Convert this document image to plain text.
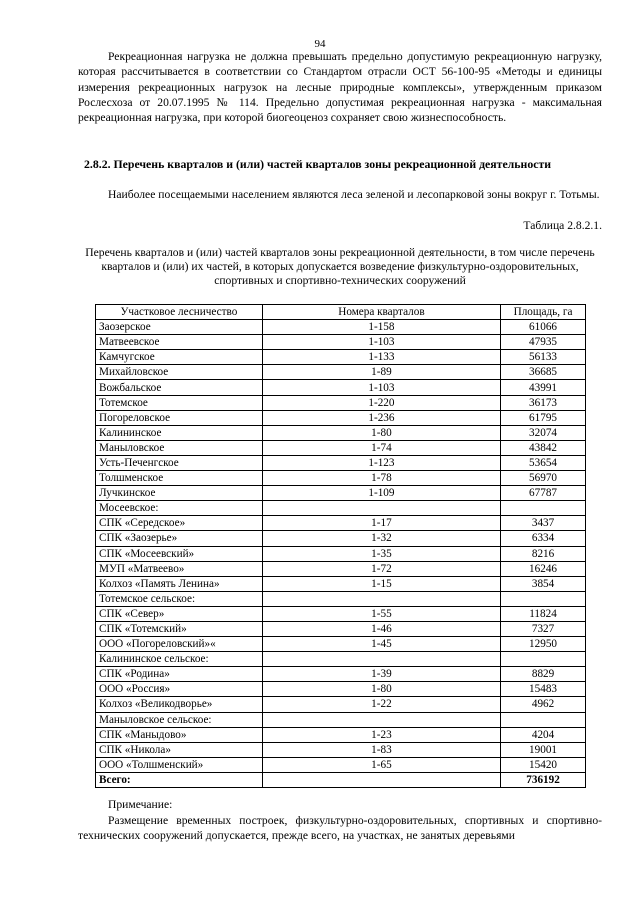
94

Рекреационная нагрузка не должна превышать предельно допустимую рекреационную нагрузку, которая рассчитывается в соответствии со Стандартом отрасли ОСТ 56-100-95 «Методы и единицы измерения рекреационных нагрузок на лесные природные комплексы», утвержденным приказом Рослесхоза от 20.07.1995 № 114. Предельно допустимая рекреационная нагрузка - максимальная рекреационная нагрузка, при которой биогеоценоз сохраняет свою жизнеспособность.

2.8.2. Перечень кварталов и (или) частей кварталов зоны рекреационной деятельности

Наиболее посещаемыми населением являются леса зеленой и лесопарковой зоны вокруг г. Тотьмы.

Таблица 2.8.2.1.

Перечень кварталов и (или) частей кварталов зоны рекреационной деятельности, в том числе перечень кварталов и (или) их частей, в которых допускается возведение физкультурно-оздоровительных, спортивных и спортивно-технических сооружений

Участковое лесничество	Номера кварталов	Площадь, га
Заозерское	1-158	61066
Матвеевское	1-103	47935
Камчугское	1-133	56133
Михайловское	1-89	36685
Вожбальское	1-103	43991
Тотемское	1-220	36173
Погореловское	1-236	61795
Калининское	1-80	32074
Маныловское	1-74	43842
Усть-Печенгское	1-123	53654
Толшменское	1-78	56970
Лучкинское	1-109	67787
Мосеевское:		
СПК «Середское»	1-17	3437
СПК «Заозерье»	1-32	6334
СПК «Мосеевский»	1-35	8216
МУП «Матвеево»	1-72	16246
Колхоз «Память Ленина»	1-15	3854
Тотемское сельское:		
СПК «Север»	1-55	11824
СПК «Тотемский»	1-46	7327
ООО «Погореловский»«	1-45	12950
Калининское сельское:		
СПК «Родина»	1-39	8829
ООО «Россия»	1-80	15483
Колхоз «Великодворье»	1-22	4962
Маныловское сельское:		
СПК «Маныдово»	1-23	4204
СПК «Никола»	1-83	19001
ООО «Толшменский»	1-65	15420
Всего:		736192
Примечание:

Размещение временных построек, физкультурно-оздоровительных, спортивных и спортивно-технических сооружений допускается, прежде всего, на участках, не занятых деревьями
